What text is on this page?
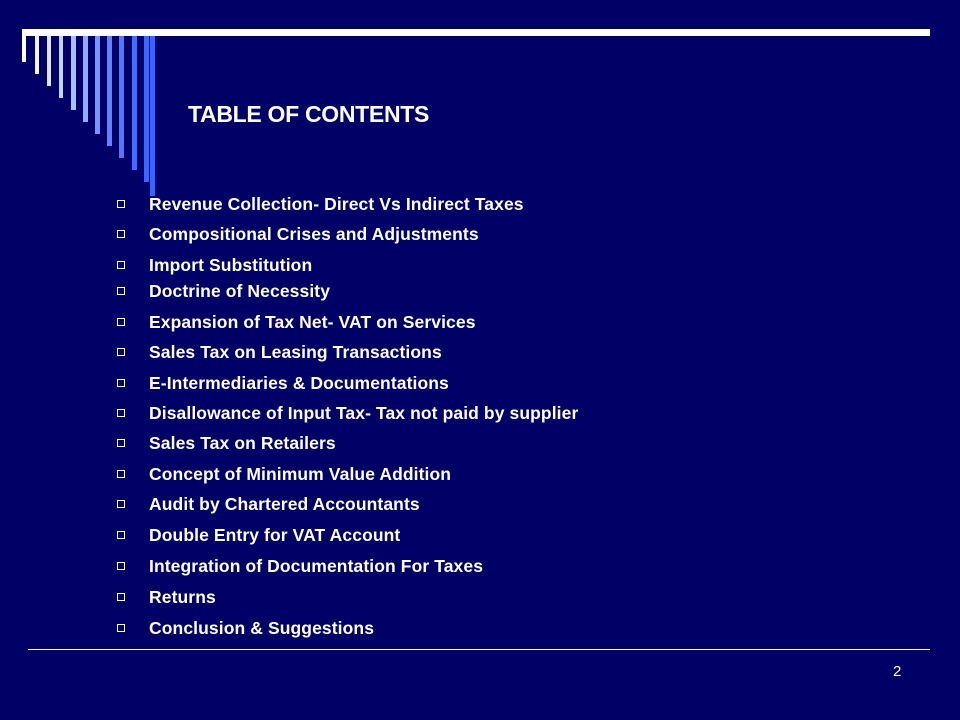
TABLE OF CONTENTS
Revenue Collection- Direct Vs Indirect Taxes
Compositional Crises and Adjustments
Import Substitution
Doctrine of Necessity
Expansion of Tax Net- VAT on Services
Sales Tax on Leasing Transactions
E-Intermediaries & Documentations
Disallowance of Input Tax- Tax not paid by supplier
Sales Tax on Retailers
Concept of Minimum Value Addition
Audit by Chartered Accountants
Double Entry for VAT Account
Integration of Documentation For Taxes
Returns
Conclusion & Suggestions
2
